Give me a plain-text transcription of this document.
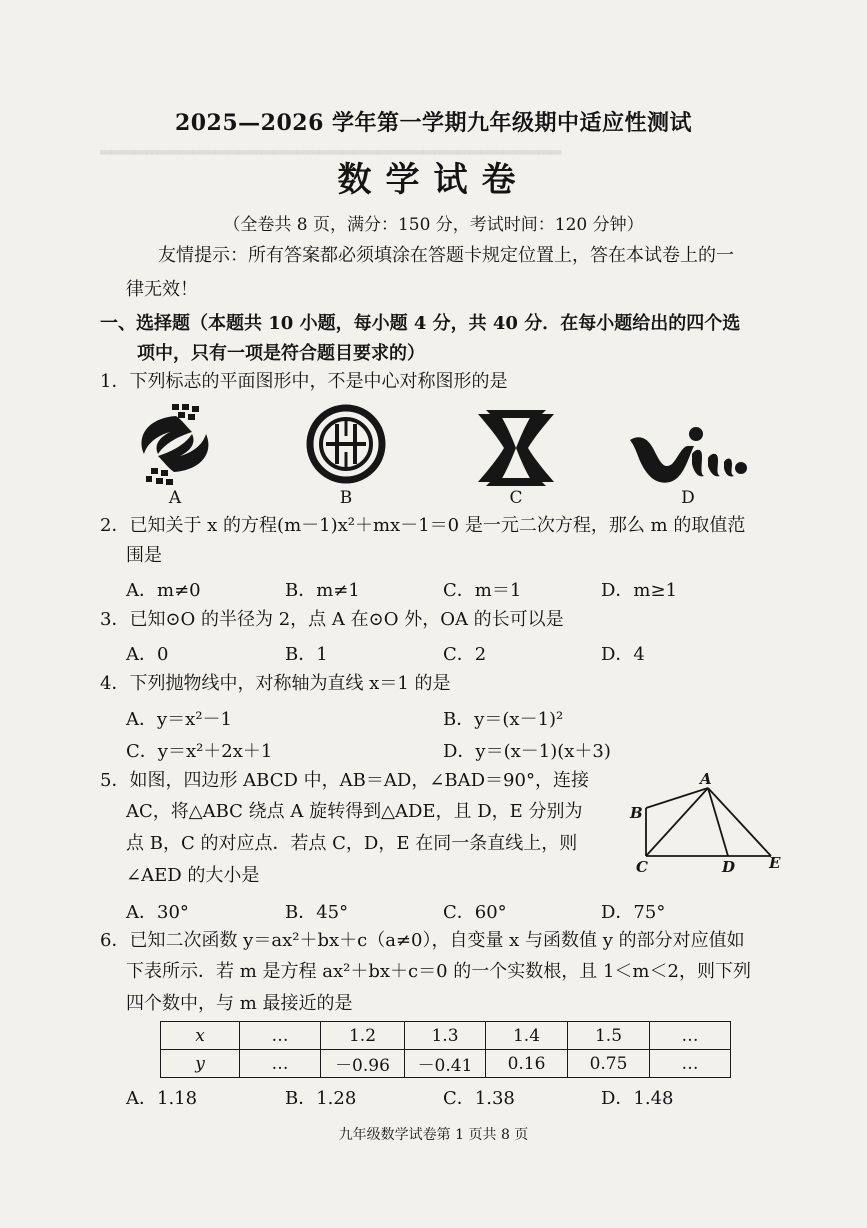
▂▂▂▂▂▂▂▂▂▂▂▂▂▂▂▂▂▂▂▂▂▂▂▂▂▂▂▂▂▂▂▂▂▂▂▂▂▂▂▂
2025—2026 学年第一学期九年级期中适应性测试
数学试卷
（全卷共 8 页，满分：150 分，考试时间：120 分钟）
友情提示：所有答案都必须填涂在答题卡规定位置上，答在本试卷上的一
律无效！
一、选择题（本题共 10 小题，每小题 4 分，共 40 分．在每小题给出的四个选
项中，只有一项是符合题目要求的）
1．下列标志的平面图形中，不是中心对称图形的是
A	B	C	D
2．已知关于 x 的方程(m－1)x²＋mx－1＝0 是一元二次方程，那么 m 的取值范
围是
A．m≠0	B．m≠1	C．m＝1	D．m≥1
3．已知⊙O 的半径为 2，点 A 在⊙O 外，OA 的长可以是
A．0	B．1	C．2	D．4
4．下列抛物线中，对称轴为直线 x＝1 的是
A．y＝x²－1	B．y＝(x－1)²
C．y＝x²＋2x＋1	D．y＝(x－1)(x＋3)
5．如图，四边形 ABCD 中，AB＝AD，∠BAD＝90°，连接
AC，将△ABC 绕点 A 旋转得到△ADE，且 D，E 分别为
点 B，C 的对应点．若点 C，D，E 在同一条直线上，则
∠AED 的大小是
A
B
C	D E
A．30°	B．45°	C．60°	D．75°
6．已知二次函数 y＝ax²＋bx＋c（a≠0），自变量 x 与函数值 y 的部分对应值如
下表所示．若 m 是方程 ax²＋bx＋c＝0 的一个实数根，且 1＜m＜2，则下列
四个数中，与 m 最接近的是
x	…	1.2	1.3	1.4	1.5	…
y	…	－0.96	－0.41	0.16	0.75	…
A．1.18	B．1.28	C．1.38	D．1.48
九年级数学试卷第 1 页共 8 页
